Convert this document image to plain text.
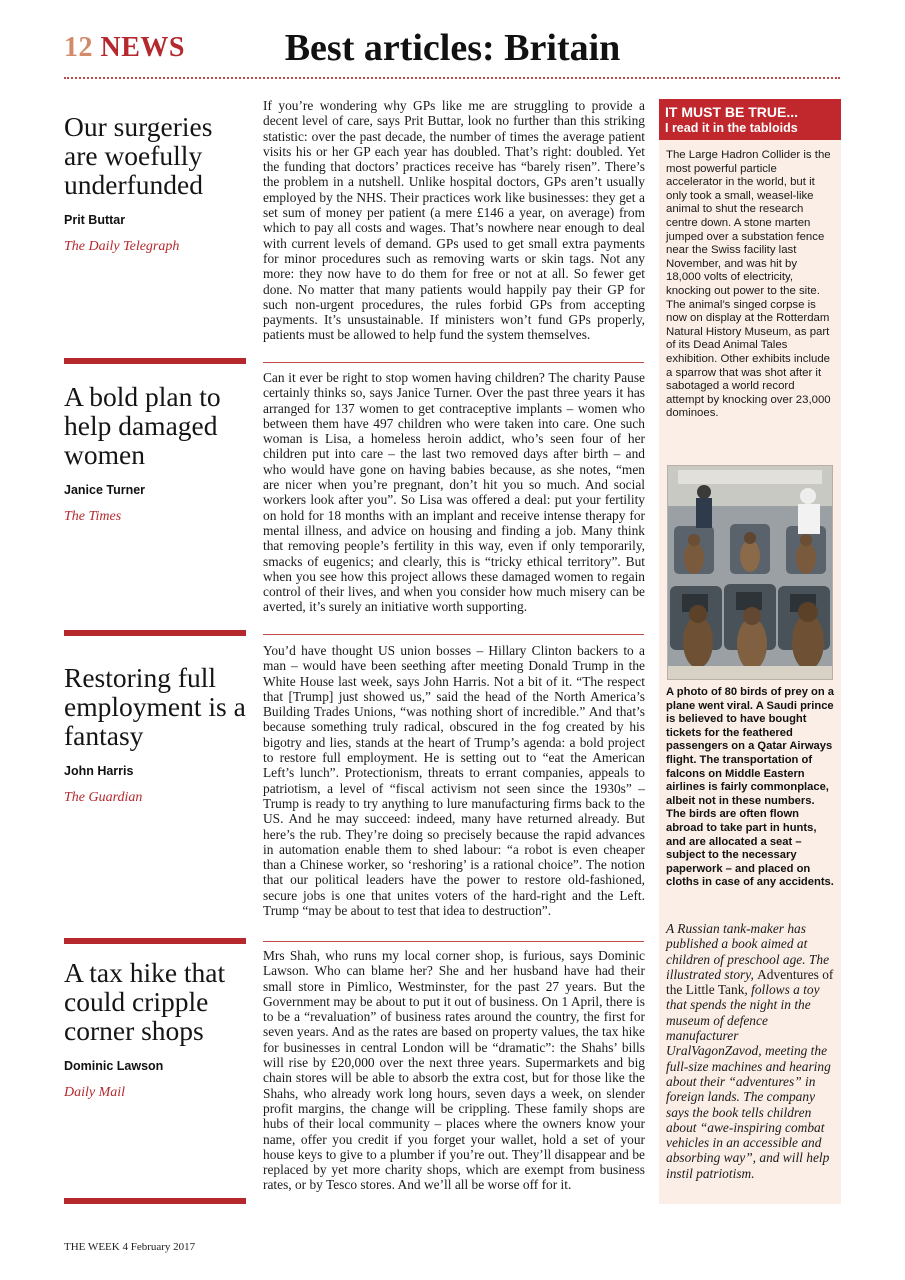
12 NEWS	Best articles: Britain
Our surgeries are woefully underfunded
Prit Buttar
The Daily Telegraph

If you’re wondering why GPs like me are struggling to provide a decent level of care, says Prit Buttar, look no further than this striking statistic: over the past decade, the number of times the average patient visits his or her GP each year has doubled. That’s right: doubled. Yet the funding that doctors’ practices receive has “barely risen”. There’s the problem in a nutshell. Unlike hospital doctors, GPs aren’t usually employed by the NHS. Their practices work like businesses: they get a set sum of money per patient (a mere £146 a year, on average) from which to pay all costs and wages. That’s nowhere near enough to deal with current levels of demand. GPs used to get small extra payments for minor procedures such as removing warts or skin tags. Not any more: they now have to do them for free or not at all. So fewer get done. No matter that many patients would happily pay their GP for such non-urgent procedures, the rules forbid GPs from accepting payments. It’s unsustainable. If ministers won’t fund GPs properly, patients must be allowed to help fund the system themselves.

A bold plan to help damaged women
Janice Turner
The Times

Can it ever be right to stop women having children? The charity Pause certainly thinks so, says Janice Turner. Over the past three years it has arranged for 137 women to get contraceptive implants – women who between them have 497 children who were taken into care. One such woman is Lisa, a homeless heroin addict, who’s seen four of her children put into care – the last two removed days after birth – and who would have gone on having babies because, as she notes, “men are nicer when you’re pregnant, don’t hit you so much. And social workers look after you”. So Lisa was offered a deal: put your fertility on hold for 18 months with an implant and receive intense therapy for mental illness, and advice on housing and finding a job. Many think that removing people’s fertility in this way, even if only temporarily, smacks of eugenics; and clearly, this is “tricky ethical territory”. But when you see how this project allows these damaged women to regain control of their lives, and when you consider how much misery can be averted, it’s surely an initiative worth supporting.

Restoring full employment is a fantasy
John Harris
The Guardian

You’d have thought US union bosses – Hillary Clinton backers to a man – would have been seething after meeting Donald Trump in the White House last week, says John Harris. Not a bit of it. “The respect that [Trump] just showed us,” said the head of the North America’s Building Trades Unions, “was nothing short of incredible.” And that’s because something truly radical, obscured in the fog created by his bigotry and lies, stands at the heart of Trump’s agenda: a bold project to restore full employment. He is setting out to “eat the American Left’s lunch”. Protectionism, threats to errant companies, appeals to patriotism, a level of “fiscal activism not seen since the 1930s” – Trump is ready to try anything to lure manufacturing firms back to the US. And he may succeed: indeed, many have returned already. But here’s the rub. They’re doing so precisely because the rapid advances in automation enable them to shed labour: “a robot is even cheaper than a Chinese worker, so ‘reshoring’ is a rational choice”. The notion that our political leaders have the power to restore old-fashioned, secure jobs is one that unites voters of the hard-right and the Left. Trump “may be about to test that idea to destruction”.

A tax hike that could cripple corner shops
Dominic Lawson
Daily Mail

Mrs Shah, who runs my local corner shop, is furious, says Dominic Lawson. Who can blame her? She and her husband have had their small store in Pimlico, Westminster, for the past 27 years. But the Government may be about to put it out of business. On 1 April, there is to be a “revaluation” of business rates around the country, the first for seven years. And as the rates are based on property values, the tax hike for businesses in central London will be “dramatic”: the Shahs’ bills will rise by £20,000 over the next three years. Supermarkets and big chain stores will be able to absorb the extra cost, but for those like the Shahs, who already work long hours, seven days a week, on slender profit margins, the change will be crippling. These family shops are hubs of their local community – places where the owners know your name, offer you credit if you forget your wallet, hold a set of your house keys to give to a plumber if you’re out. They’ll disappear and be replaced by yet more charity shops, which are exempt from business rates, or by Tesco stores. And we’ll all be worse off for it.

IT MUST BE TRUE...
I read it in the tabloids
The Large Hadron Collider is the most powerful particle accelerator in the world, but it only took a small, weasel-like animal to shut the research centre down. A stone marten jumped over a substation fence near the Swiss facility last November, and was hit by 18,000 volts of electricity, knocking out power to the site. The animal’s singed corpse is now on display at the Rotterdam Natural History Museum, as part of its Dead Animal Tales exhibition. Other exhibits include a sparrow that was shot after it sabotaged a world record attempt by knocking over 23,000 dominoes.
A photo of 80 birds of prey on a plane went viral. A Saudi prince is believed to have bought tickets for the feathered passengers on a Qatar Airways flight. The transportation of falcons on Middle Eastern airlines is fairly commonplace, albeit not in these numbers. The birds are often flown abroad to take part in hunts, and are allocated a seat – subject to the necessary paperwork – and placed on cloths in case of any accidents.
A Russian tank-maker has published a book aimed at children of preschool age. The illustrated story, Adventures of the Little Tank, follows a toy that spends the night in the museum of defence manufacturer UralVagonZavod, meeting the full-size machines and hearing about their “adventures” in foreign lands. The company says the book tells children about “awe-inspiring combat vehicles in an accessible and absorbing way”, and will help instil patriotism.
THE WEEK 4 February 2017
